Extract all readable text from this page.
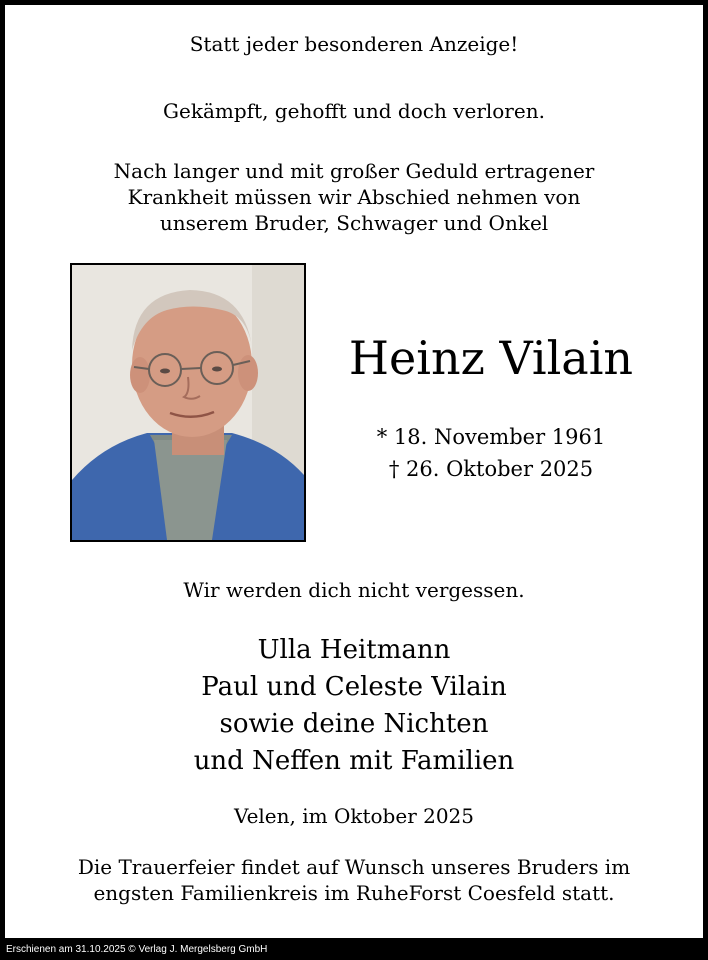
Statt jeder besonderen Anzeige!
Gekämpft, gehofft und doch verloren.
Nach langer und mit großer Geduld ertragener
Krankheit müssen wir Abschied nehmen von
unserem Bruder, Schwager und Onkel
Heinz Vilain
* 18. November 1961
† 26. Oktober 2025
Wir werden dich nicht vergessen.
Ulla Heitmann
Paul und Celeste Vilain
sowie deine Nichten
und Neffen mit Familien
Velen, im Oktober 2025
Die Trauerfeier findet auf Wunsch unseres Bruders im
engsten Familienkreis im RuheForst Coesfeld statt.
Erschienen am 31.10.2025 © Verlag J. Mergelsberg GmbH
